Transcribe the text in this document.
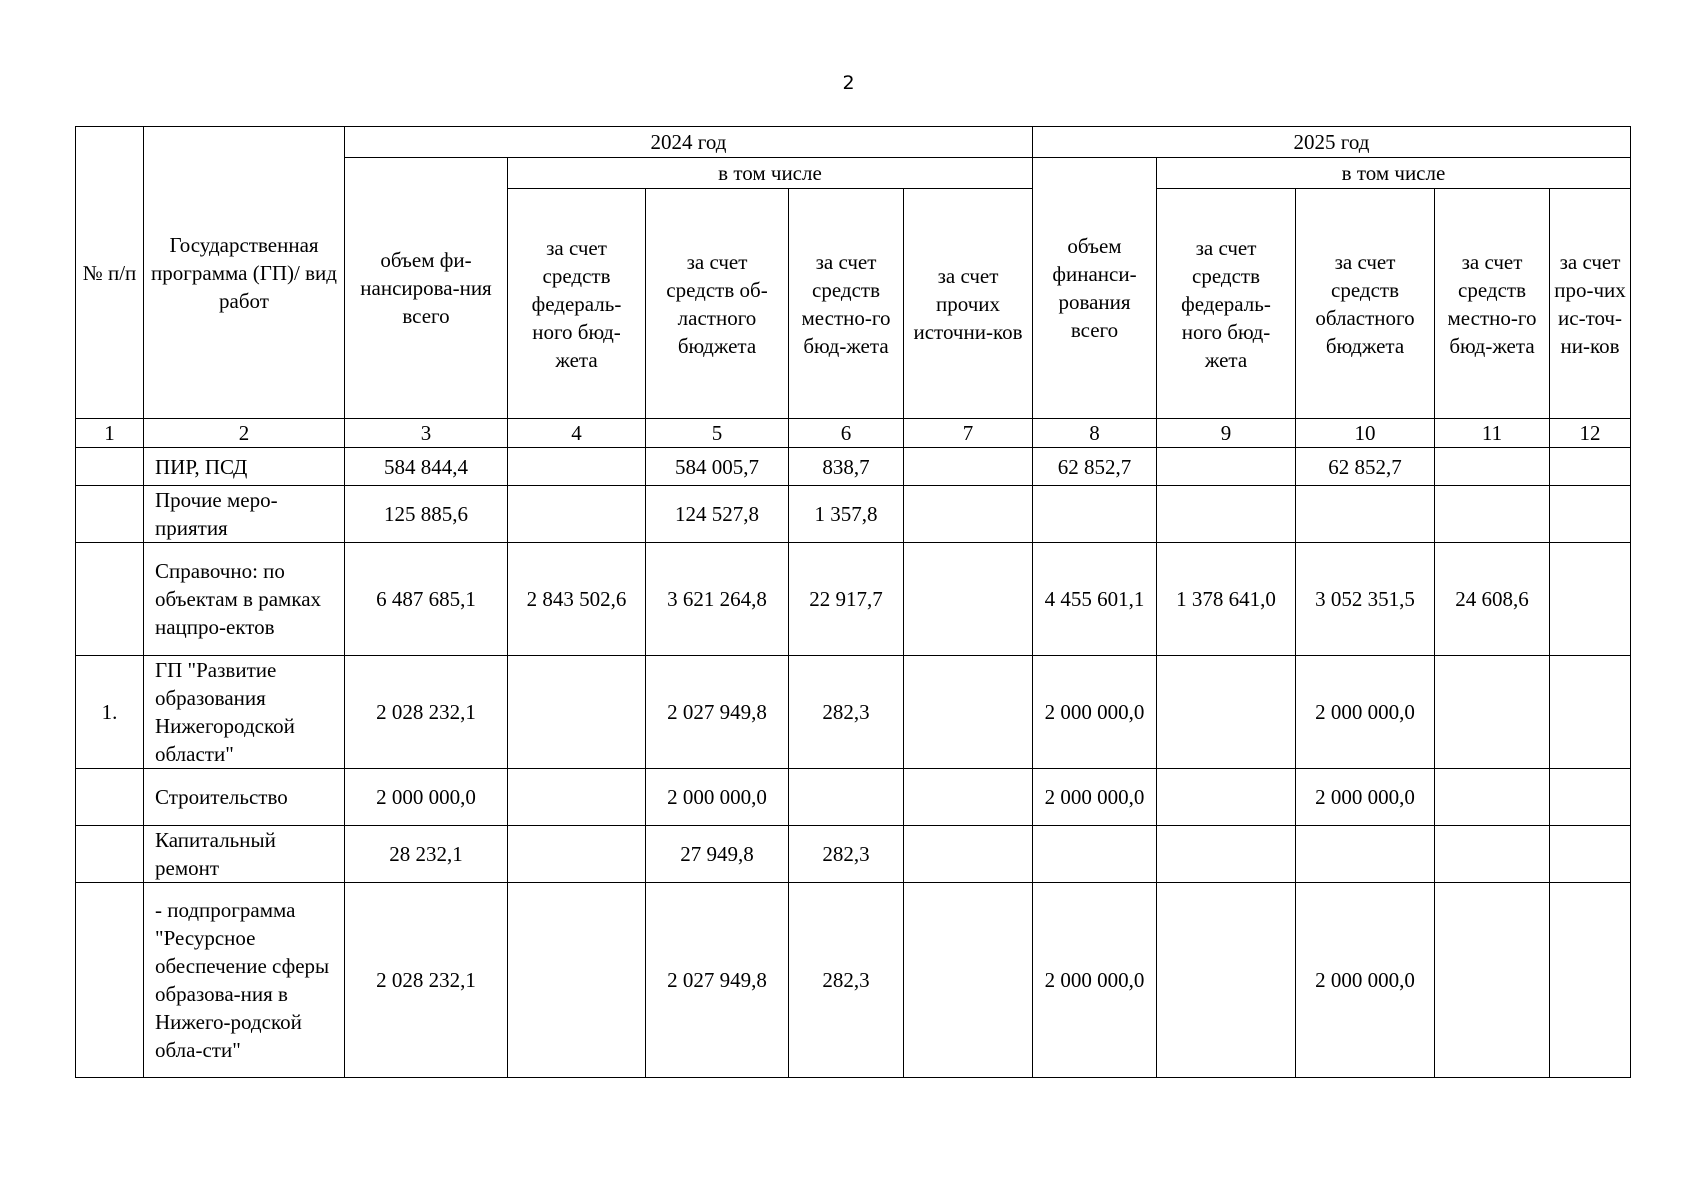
2
№ п/п	Государственная программа (ГП)/ вид работ	2024 год					2025 год				
		объем фи-нансирова-ния всего	в том числе				объем финанси-рования всего	в том числе			
			за счет средств федераль-ного бюд-жета	за счет средств об-ластного бюджета	за счет средств местно-го бюд-жета	за счет прочих источни-ков		за счет средств федераль-ного бюд-жета	за счет средств областного бюджета	за счет средств местно-го бюд-жета	за счет про-чих ис-точ-ни-ков
1	2	3	4	5	6	7	8	9	10	11	12
	ПИР, ПСД	584 844,4		584 005,7	838,7		62 852,7		62 852,7		
	Прочие меро-приятия	125 885,6		124 527,8	1 357,8						
	Справочно: по объектам в рамках нацпро-ектов	6 487 685,1	2 843 502,6	3 621 264,8	22 917,7		4 455 601,1	1 378 641,0	3 052 351,5	24 608,6	
1.	ГП "Развитие образования Нижегородской области"	2 028 232,1		2 027 949,8	282,3		2 000 000,0		2 000 000,0		
	Строительство	2 000 000,0		2 000 000,0			2 000 000,0		2 000 000,0		
	Капитальный ремонт	28 232,1		27 949,8	282,3						
	- подпрограмма "Ресурсное обеспечение сферы образова-ния в Нижего-родской обла-сти"	2 028 232,1		2 027 949,8	282,3		2 000 000,0		2 000 000,0		
